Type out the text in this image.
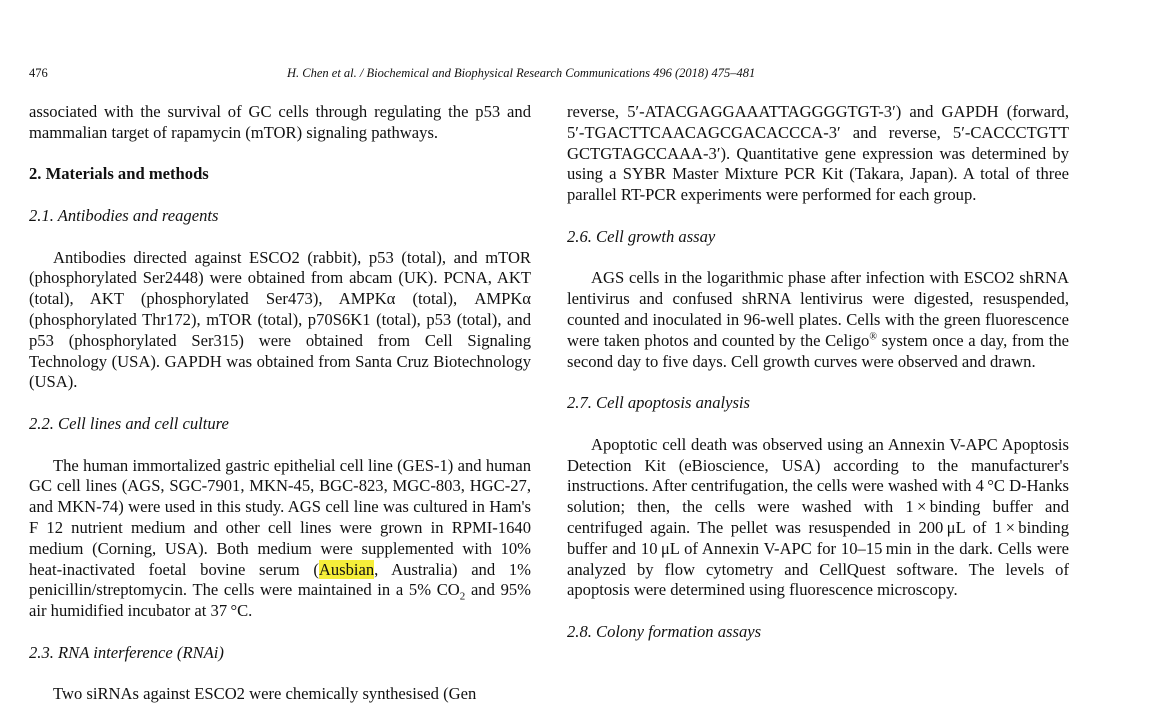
476	H. Chen et al. / Biochemical and Biophysical Research Communications 496 (2018) 475–481

associated with the survival of GC cells through regulating the p53 and mammalian target of rapamycin (mTOR) signaling pathways.

2. Materials and methods

2.1. Antibodies and reagents

Antibodies directed against ESCO2 (rabbit), p53 (total), and mTOR (phosphorylated Ser2448) were obtained from abcam (UK). PCNA, AKT (total), AKT (phosphorylated Ser473), AMPKα (total), AMPKα (phosphorylated Thr172), mTOR (total), p70S6K1 (total), p53 (total), and p53 (phosphorylated Ser315) were obtained from Cell Signaling Technology (USA). GAPDH was obtained from Santa Cruz Biotechnology (USA).

2.2. Cell lines and cell culture

The human immortalized gastric epithelial cell line (GES-1) and human GC cell lines (AGS, SGC-7901, MKN-45, BGC-823, MGC-803, HGC-27, and MKN-74) were used in this study. AGS cell line was cultured in Ham's F 12 nutrient medium and other cell lines were grown in RPMI-1640 medium (Corning, USA). Both medium were supplemented with 10% heat-inactivated foetal bovine serum (Ausbian, Australia) and 1% penicillin/streptomycin. The cells were maintained in a 5% $CO_2$ and 95% air humidified incubator at 37 °C.

2.3. RNA interference (RNAi)

Two siRNAs against ESCO2 were chemically synthesised (Gen

reverse, 5′-ATACGAGGAAATTAGGGGTGT-3′) and GAPDH (forward, 5′-TGACTTCAACAGCGACACCCA-3′ and reverse, 5′-CACCCTGTT GCTGTAGCCAAA-3′). Quantitative gene expression was determined by using a SYBR Master Mixture PCR Kit (Takara, Japan). A total of three parallel RT-PCR experiments were performed for each group.

2.6. Cell growth assay

AGS cells in the logarithmic phase after infection with ESCO2 shRNA lentivirus and confused shRNA lentivirus were digested, resuspended, counted and inoculated in 96-well plates. Cells with the green fluorescence were taken photos and counted by the Celigo® system once a day, from the second day to five days. Cell growth curves were observed and drawn.

2.7. Cell apoptosis analysis

Apoptotic cell death was observed using an Annexin V-APC Apoptosis Detection Kit (eBioscience, USA) according to the manufacturer's instructions. After centrifugation, the cells were washed with 4 °C D-Hanks solution; then, the cells were washed with 1 × binding buffer and centrifuged again. The pellet was resuspended in 200 μL of 1 × binding buffer and 10 μL of Annexin V-APC for 10–15 min in the dark. Cells were analyzed by flow cytometry and CellQuest software. The levels of apoptosis were determined using fluorescence microscopy.

2.8. Colony formation assays
